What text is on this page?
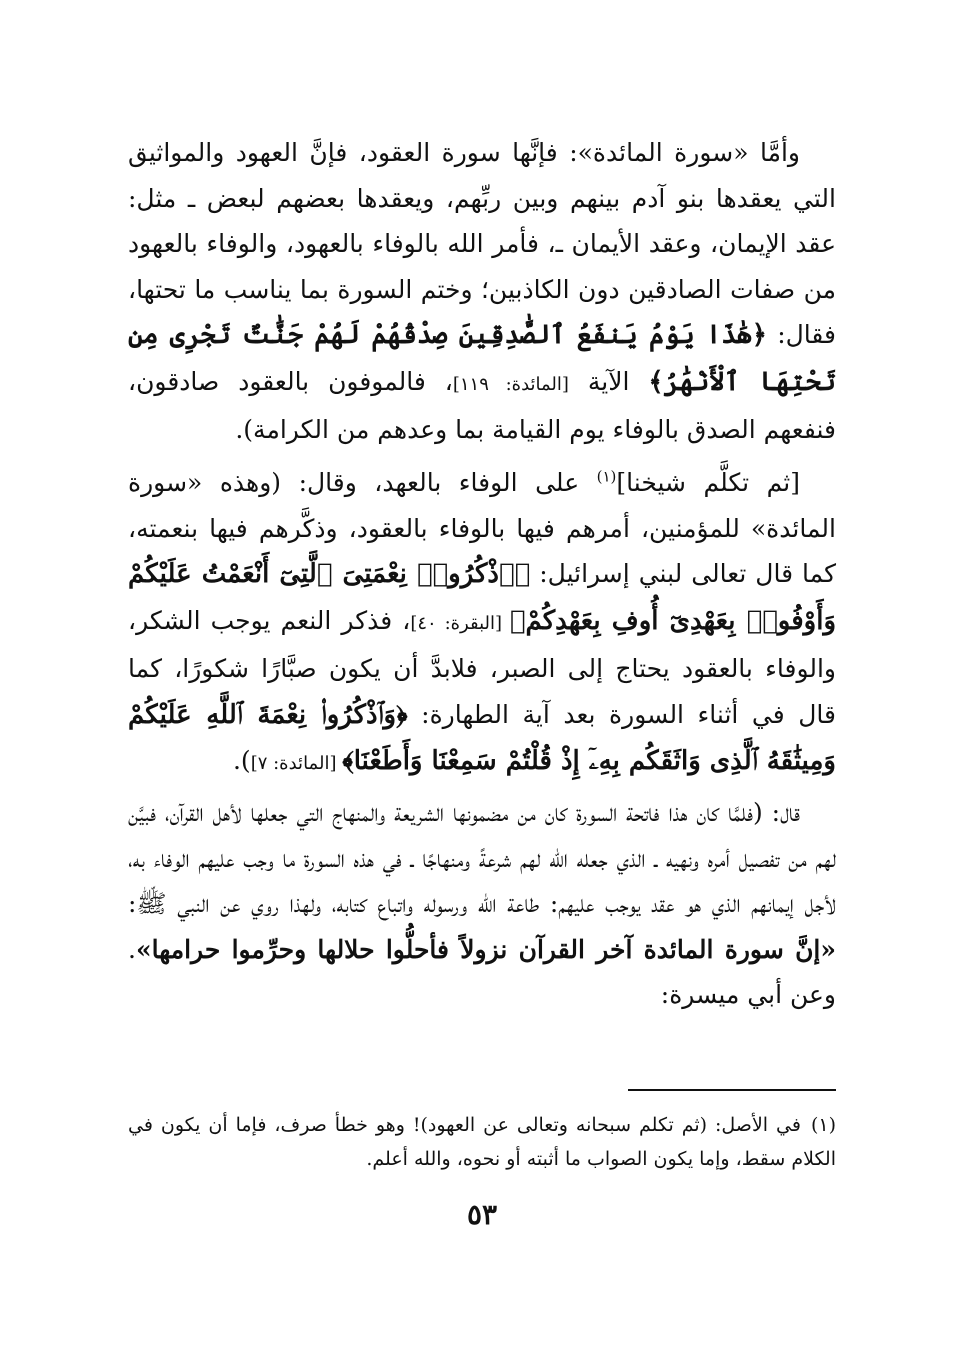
وأمَّا «سورة المائدة»: فإنَّها سورة العقود، فإنَّ العهود والمواثيق التي يعقدها بنو آدم بينهم وبين ربِّهم، ويعقدها بعضهم لبعض ـ مثل: عقد الإيمان، وعقد الأيمان ـ، فأمر الله بالوفاء بالعهود، والوفاء بالعهود من صفات الصادقين دون الكاذبين؛ وختم السورة بما يناسب ما تحتها، فقال: ﴿هَٰذَا يَوْمُ يَنفَعُ ٱلصَّٰدِقِينَ صِدْقُهُمْ لَهُمْ جَنَّٰتٌ تَجْرِى مِن تَحْتِهَا ٱلْأَنْهَٰرُ﴾ الآية [المائدة: ١١٩]، فالموفون بالعقود صادقون، فنفعهم الصدق بالوفاء يوم القيامة بما وعدهم من الكرامة).

[ثم تكلَّم شيخنا]$^{(١)}$ على الوفاء بالعهد، وقال: (وهذه «سورة المائدة» للمؤمنين، أمرهم فيها بالوفاء بالعقود، وذكَّرهم فيها بنعمته، كما قال تعالى لبني إسرائيل: ﴿ٱذْكُرُوا۟ نِعْمَتِىَ ٱلَّتِىٓ أَنْعَمْتُ عَلَيْكُمْ وَأَوْفُوا۟ بِعَهْدِىٓ أُوفِ بِعَهْدِكُمْ﴾ [البقرة: ٤٠]، فذكر النعم يوجب الشكر، والوفاء بالعقود يحتاج إلى الصبر، فلابدَّ أن يكون صبَّارًا شكورًا، كما قال في أثناء السورة بعد آية الطهارة: ﴿وَٱذْكُرُوا۟ نِعْمَةَ ٱللَّهِ عَلَيْكُمْ وَمِيثَٰقَهُ ٱلَّذِى وَاثَقَكُم بِهِۦٓ إِذْ قُلْتُمْ سَمِعْنَا وَأَطَعْنَا﴾ [المائدة: ٧]).

قال: (فلمَّا كان هذا فاتحة السورة كان من مضمونها الشريعة والمنهاج التي جعلها لأهل القرآن، فبيَّن لهم من تفصيل أمره ونهيه ـ الذي جعله الله لهم شرعةً ومنهاجًا ـ في هذه السورة ما وجب عليهم الوفاء به، لأجل إيمانهم الذي هو عقد يوجب عليهم: طاعة الله ورسوله واتباع كتابه، ولهذا روي عن النبي ﷺ: «إنَّ سورة المائدة آخر القرآن نزولاً فأحلُّوا حلالها وحرِّموا حرامها». وعن أبي ميسرة:

(١)في الأصل: (ثم تكلم سبحانه وتعالى عن العهود)! وهو خطأ صرف، فإما أن يكون في الكلام سقط، وإما يكون الصواب ما أثبته أو نحوه، والله أعلم.
٥٣
